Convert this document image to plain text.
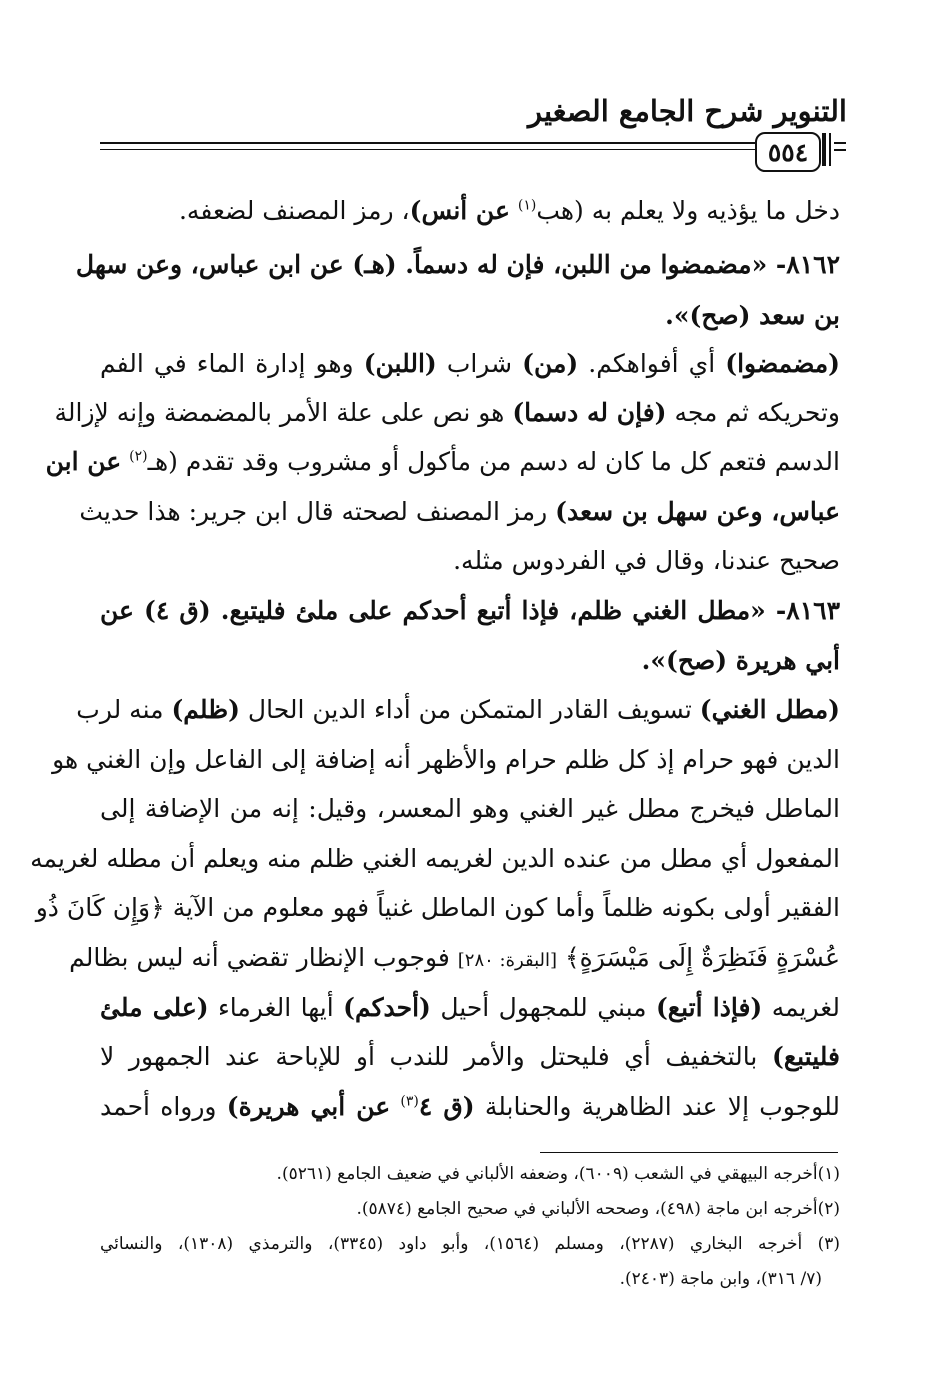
التنوير شرح الجامع الصغير
٥٥٤
دخل ما يؤذيه ولا يعلم به (هب$^{(١)}$ عن أنس)، رمز المصنف لضعفه.
٨١٦٢- «مضمضوا من اللبن، فإن له دسماً. (هـ) عن ابن عباس، وعن سهل
بن سعد (صح)».
(مضمضوا) أي أفواهكم. (من) شراب (اللبن) وهو إدارة الماء في الفم
وتحريكه ثم مجه (فإن له دسما) هو نص على علة الأمر بالمضمضة وإنه لإزالة
الدسم فتعم كل ما كان له دسم من مأكول أو مشروب وقد تقدم (هـ$^{(٢)}$ عن ابن
عباس، وعن سهل بن سعد) رمز المصنف لصحته قال ابن جرير: هذا حديث
صحيح عندنا، وقال في الفردوس مثله.
٨١٦٣- «مطل الغني ظلم، فإذا أتبع أحدكم على ملئ فليتبع. (ق ٤) عن
أبي هريرة (صح)».
(مطل الغني) تسويف القادر المتمكن من أداء الدين الحال (ظلم) منه لرب
الدين فهو حرام إذ كل ظلم حرام والأظهر أنه إضافة إلى الفاعل وإن الغني هو
الماطل فيخرج مطل غير الغني وهو المعسر، وقيل: إنه من الإضافة إلى
المفعول أي مطل من عنده الدين لغريمه الغني ظلم منه ويعلم أن مطله لغريمه
الفقير أولى بكونه ظلماً وأما كون الماطل غنياً فهو معلوم من الآية ﴿وَإِن كَانَ ذُو
عُسْرَةٍ فَنَظِرَةٌ إِلَى مَيْسَرَةٍ﴾ [البقرة: ٢٨٠] فوجوب الإنظار تقضي أنه ليس بظالم
لغريمه (فإذا أتبع) مبني للمجهول أحيل (أحدكم) أيها الغرماء (على ملئ
فليتبع) بالتخفيف أي فليحتل والأمر للندب أو للإباحة عند الجمهور لا
للوجوب إلا عند الظاهرية والحنابلة (ق ٤$^{(٣)}$ عن أبي هريرة) ورواه أحمد
(١)أخرجه البيهقي في الشعب (٦٠٠٩)، وضعفه الألباني في ضعيف الجامع (٥٢٦١).
(٢)أخرجه ابن ماجة (٤٩٨)، وصححه الألباني في صحيح الجامع (٥٨٧٤).
(٣) أخرجه البخاري (٢٢٨٧)، ومسلم (١٥٦٤)، وأبو داود (٣٣٤٥)، والترمذي (١٣٠٨)، والنسائي
(٧/ ٣١٦)، وابن ماجة (٢٤٠٣).
